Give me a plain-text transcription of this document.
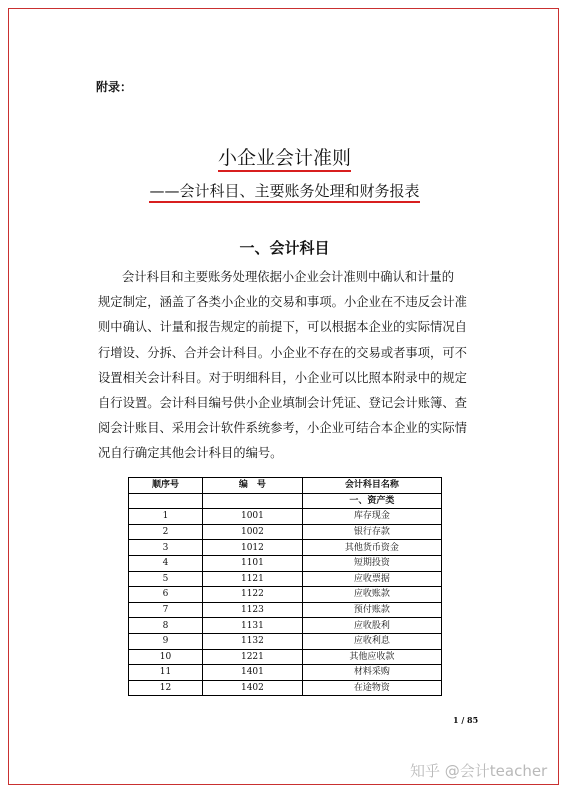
附录：
小企业会计准则
——会计科目、主要账务处理和财务报表
一、会计科目
会计科目和主要账务处理依据小企业会计准则中确认和计量的
规定制定，涵盖了各类小企业的交易和事项。小企业在不违反会计准
则中确认、计量和报告规定的前提下，可以根据本企业的实际情况自
行增设、分拆、合并会计科目。小企业不存在的交易或者事项，可不
设置相关会计科目。对于明细科目，小企业可以比照本附录中的规定
自行设置。会计科目编号供小企业填制会计凭证、登记会计账簿、查
阅会计账目、采用会计软件系统参考，小企业可结合本企业的实际情
况自行确定其他会计科目的编号。
顺序号	编　号	会计科目名称
		一、资产类
1	1001	库存现金
2	1002	银行存款
3	1012	其他货币资金
4	1101	短期投资
5	1121	应收票据
6	1122	应收账款
7	1123	预付账款
8	1131	应收股利
9	1132	应收利息
10	1221	其他应收款
11	1401	材料采购
12	1402	在途物资
1 / 85
知乎 @会计teacher
